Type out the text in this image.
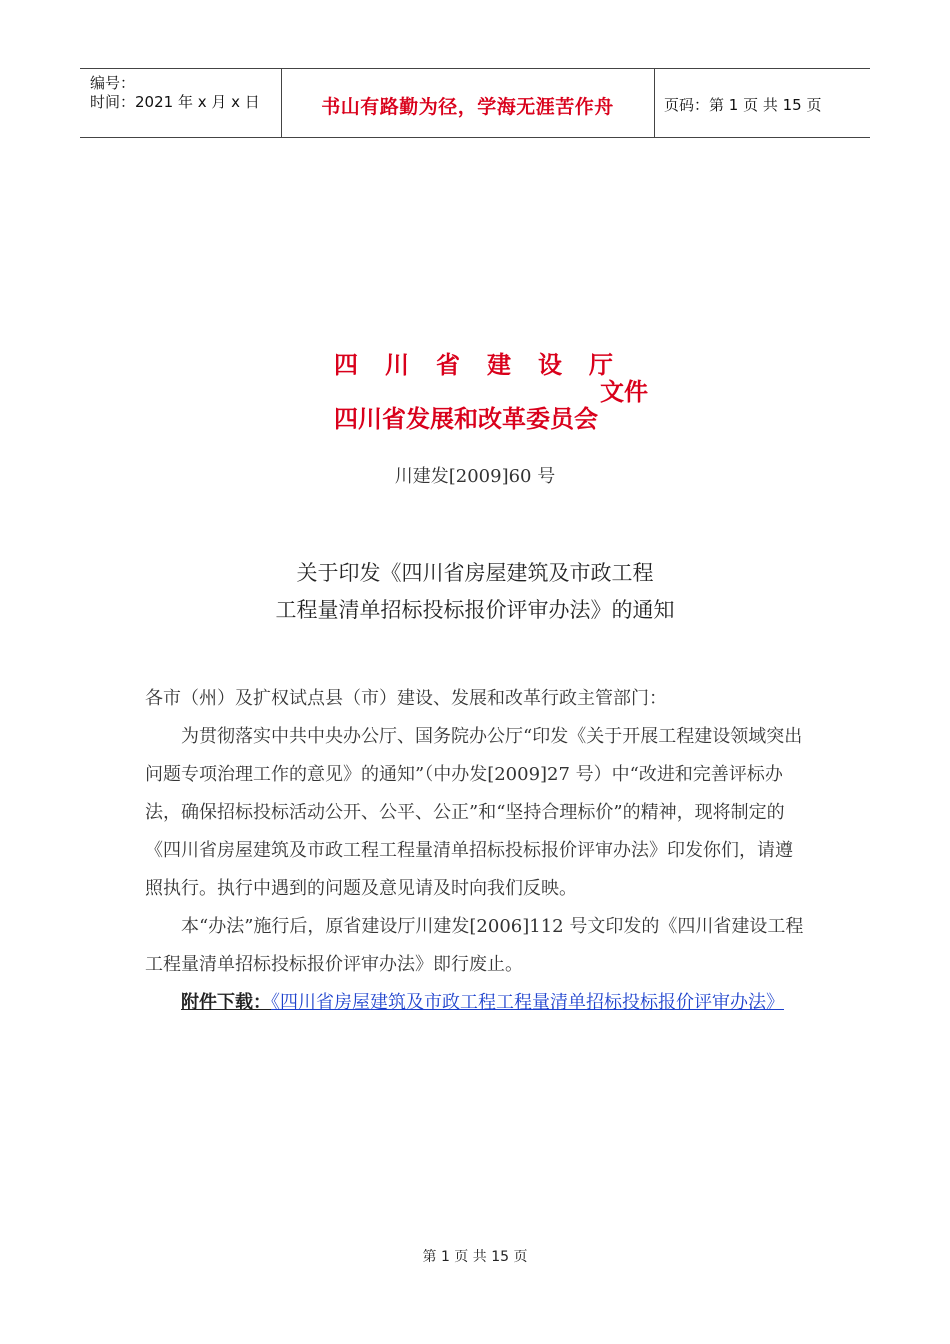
编号：
时间：2021 年 x 月 x 日	书山有路勤为径，学海无涯苦作舟	页码：第 1 页 共 15 页
四川省建设厅
文件
四川省发展和改革委员会
川建发[2009]60 号
关于印发《四川省房屋建筑及市政工程
工程量清单招标投标报价评审办法》的通知

各市（州）及扩权试点县（市）建设、发展和改革行政主管部门：

为贯彻落实中共中央办公厅、国务院办公厅“印发《关于开展工程建设领域突出问题专项治理工作的意见》的通知”（中办发[2009]27 号）中“改进和完善评标办法，确保招标投标活动公开、公平、公正”和“坚持合理标价”的精神，现将制定的《四川省房屋建筑及市政工程工程量清单招标投标报价评审办法》印发你们，请遵照执行。执行中遇到的问题及意见请及时向我们反映。

本“办法”施行后，原省建设厅川建发[2006]112 号文印发的《四川省建设工程工程量清单招标投标报价评审办法》即行废止。

附件下载：《四川省房屋建筑及市政工程工程量清单招标投标报价评审办法》

第 1 页 共 15 页
